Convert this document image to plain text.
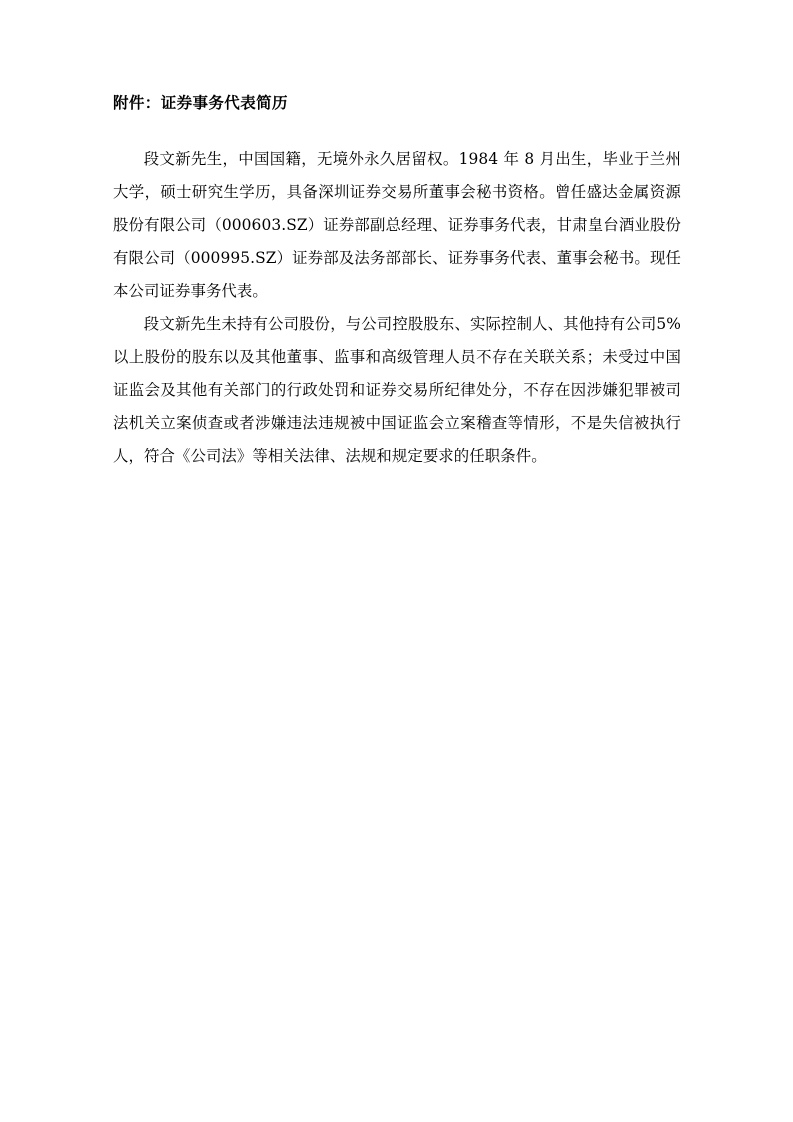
附件：证券事务代表简历

段文新先生，中国国籍，无境外永久居留权。1984 年 8 月出生，毕业于兰州大学，硕士研究生学历，具备深圳证券交易所董事会秘书资格。曾任盛达金属资源股份有限公司（000603.SZ）证券部副总经理、证券事务代表，甘肃皇台酒业股份有限公司（000995.SZ）证券部及法务部部长、证券事务代表、董事会秘书。现任本公司证券事务代表。

段文新先生未持有公司股份，与公司控股股东、实际控制人、其他持有公司5%以上股份的股东以及其他董事、监事和高级管理人员不存在关联关系；未受过中国证监会及其他有关部门的行政处罚和证券交易所纪律处分，不存在因涉嫌犯罪被司法机关立案侦查或者涉嫌违法违规被中国证监会立案稽查等情形，不是失信被执行人，符合《公司法》等相关法律、法规和规定要求的任职条件。
